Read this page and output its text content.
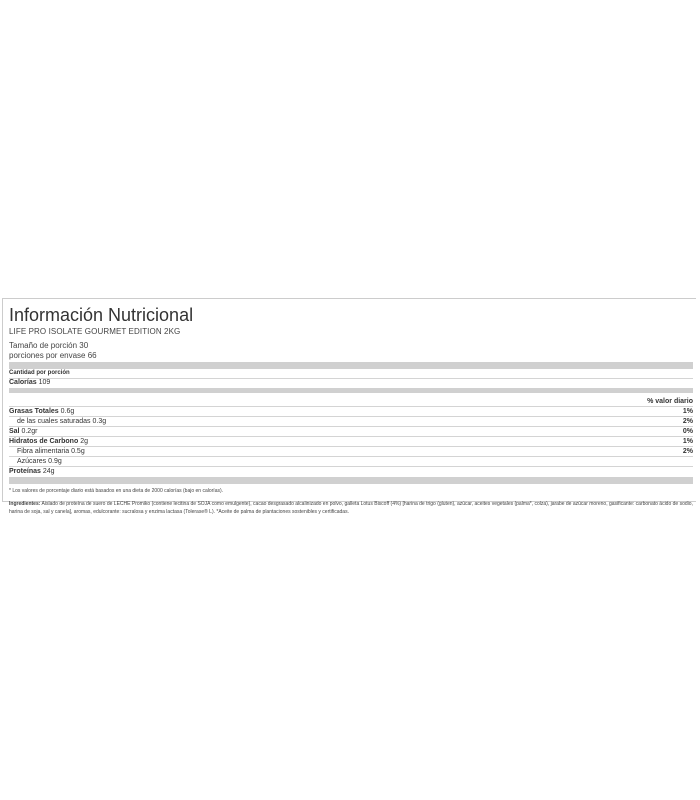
Información Nutricional
LIFE PRO ISOLATE GOURMET EDITION 2KG
Tamaño de porción 30
porciones por envase 66
Cantidad por porción
Calorías 109
% valor diario
Grasas Totales 0.6g	1%
de las cuales saturadas 0.3g	2%
Sal 0.2gr	0%
Hidratos de Carbono 2g	1%
Fibra alimentaria 0.5g	2%
Azúcares 0.9g
Proteínas 24g
* Los valores de porcentaje diario está basados en una dieta de 2000 calorías (bajo en calorías).
Ingredientes: Aislado de proteína de suero de LECHE Promiko (contiene lecitina de SOJA como emulgente), cacao desgrasado alcalinizado en polvo, galleta Lotus Biscoff (4%) [harina de trigo (gluten), azúcar, aceites vegetales (palma*, colza), jarabe de azúcar moreno, gasificante: carbonato ácido de sodio, harina de soja, sal y canela], aromas, edulcorante: sucralosa y enzima lactasa (Tolerase® L). *Aceite de palma de plantaciones sostenibles y certificadas.
